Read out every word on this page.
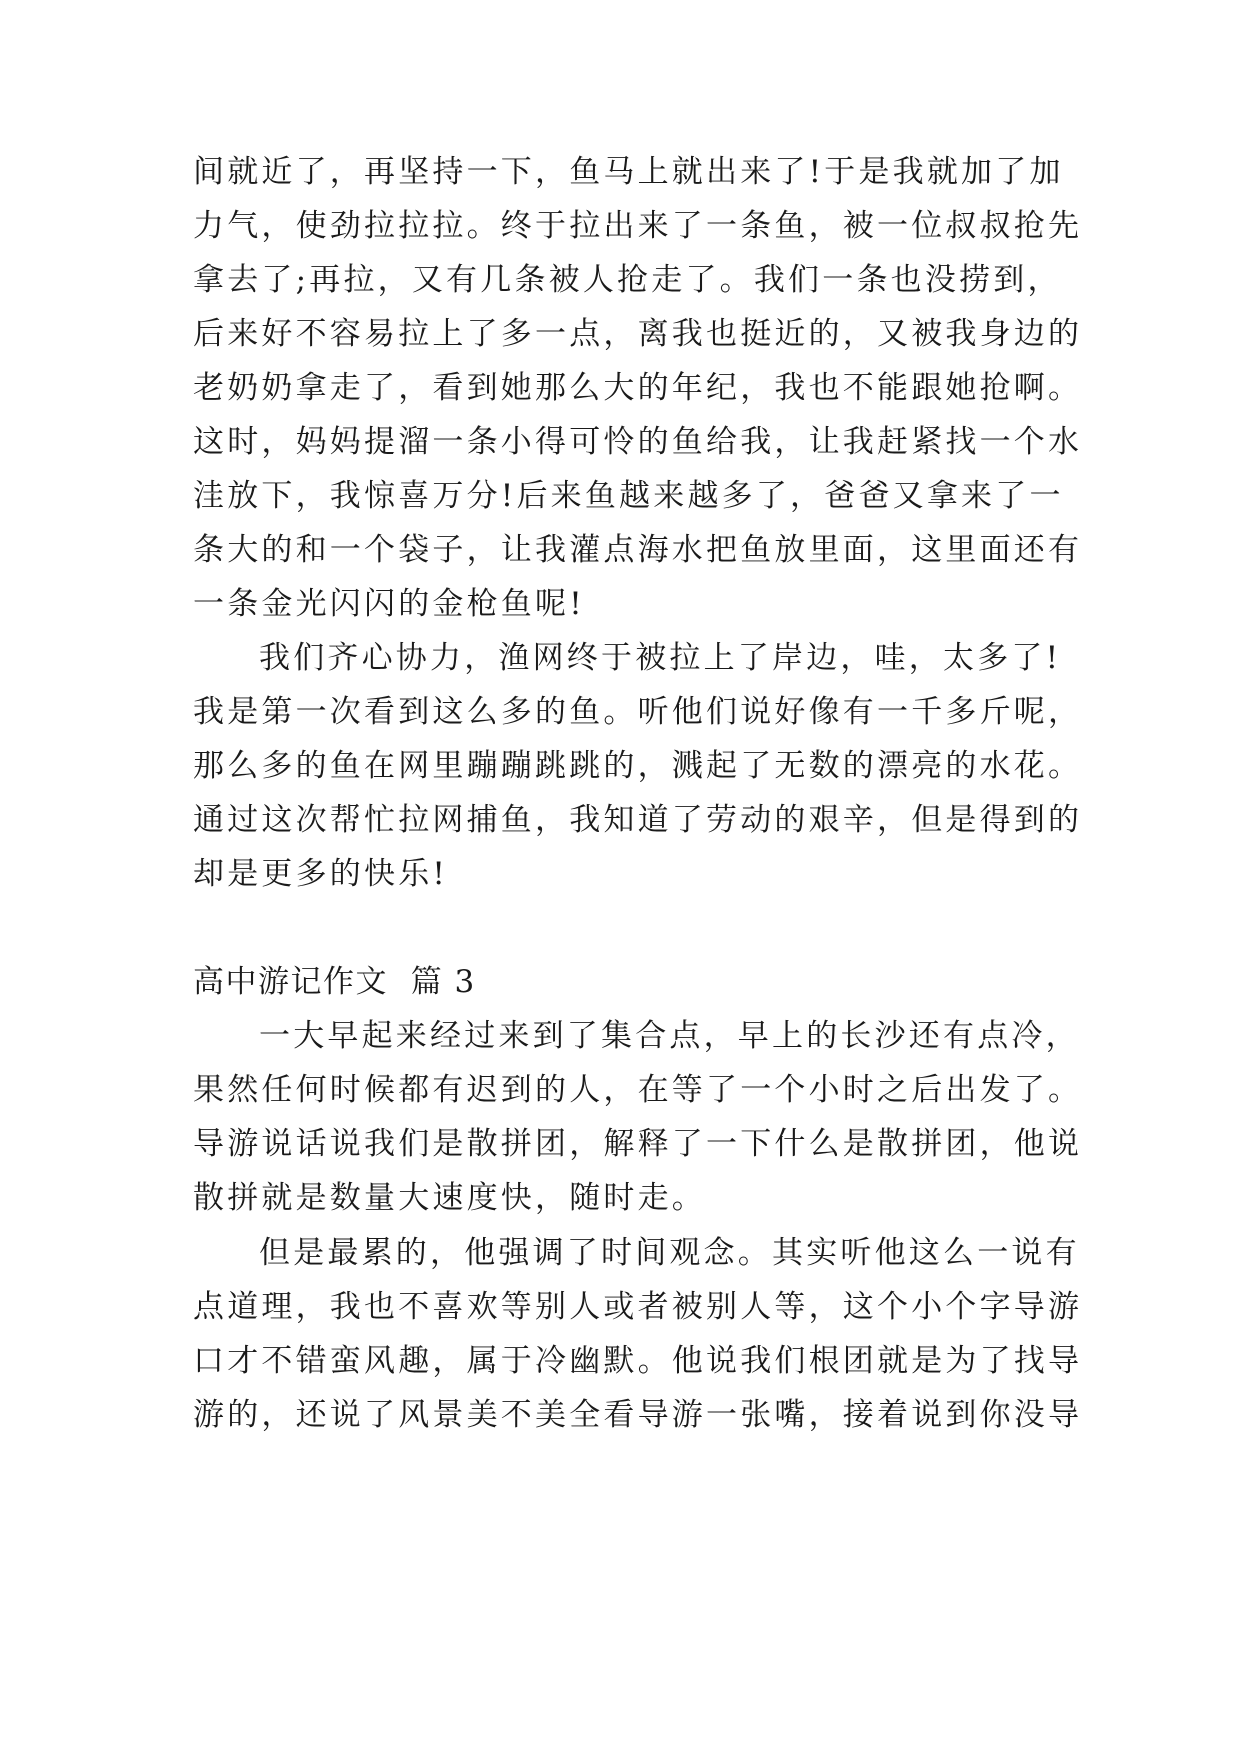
间就近了，再坚持一下，鱼马上就出来了!于是我就加了加
力气，使劲拉拉拉。终于拉出来了一条鱼，被一位叔叔抢先
拿去了;再拉，又有几条被人抢走了。我们一条也没捞到，
后来好不容易拉上了多一点，离我也挺近的，又被我身边的
老奶奶拿走了，看到她那么大的年纪，我也不能跟她抢啊。
这时，妈妈提溜一条小得可怜的鱼给我，让我赶紧找一个水
洼放下，我惊喜万分!后来鱼越来越多了，爸爸又拿来了一
条大的和一个袋子，让我灌点海水把鱼放里面，这里面还有
一条金光闪闪的金枪鱼呢!
我们齐心协力，渔网终于被拉上了岸边，哇，太多了!
我是第一次看到这么多的鱼。听他们说好像有一千多斤呢，
那么多的鱼在网里蹦蹦跳跳的，溅起了无数的漂亮的水花。
通过这次帮忙拉网捕鱼，我知道了劳动的艰辛，但是得到的
却是更多的快乐!
高中游记作文  篇 3
一大早起来经过来到了集合点，早上的长沙还有点冷，
果然任何时候都有迟到的人，在等了一个小时之后出发了。
导游说话说我们是散拼团，解释了一下什么是散拼团，他说
散拼就是数量大速度快，随时走。
但是最累的，他强调了时间观念。其实听他这么一说有
点道理，我也不喜欢等别人或者被别人等，这个小个字导游
口才不错蛮风趣，属于冷幽默。他说我们根团就是为了找导
游的，还说了风景美不美全看导游一张嘴，接着说到你没导
